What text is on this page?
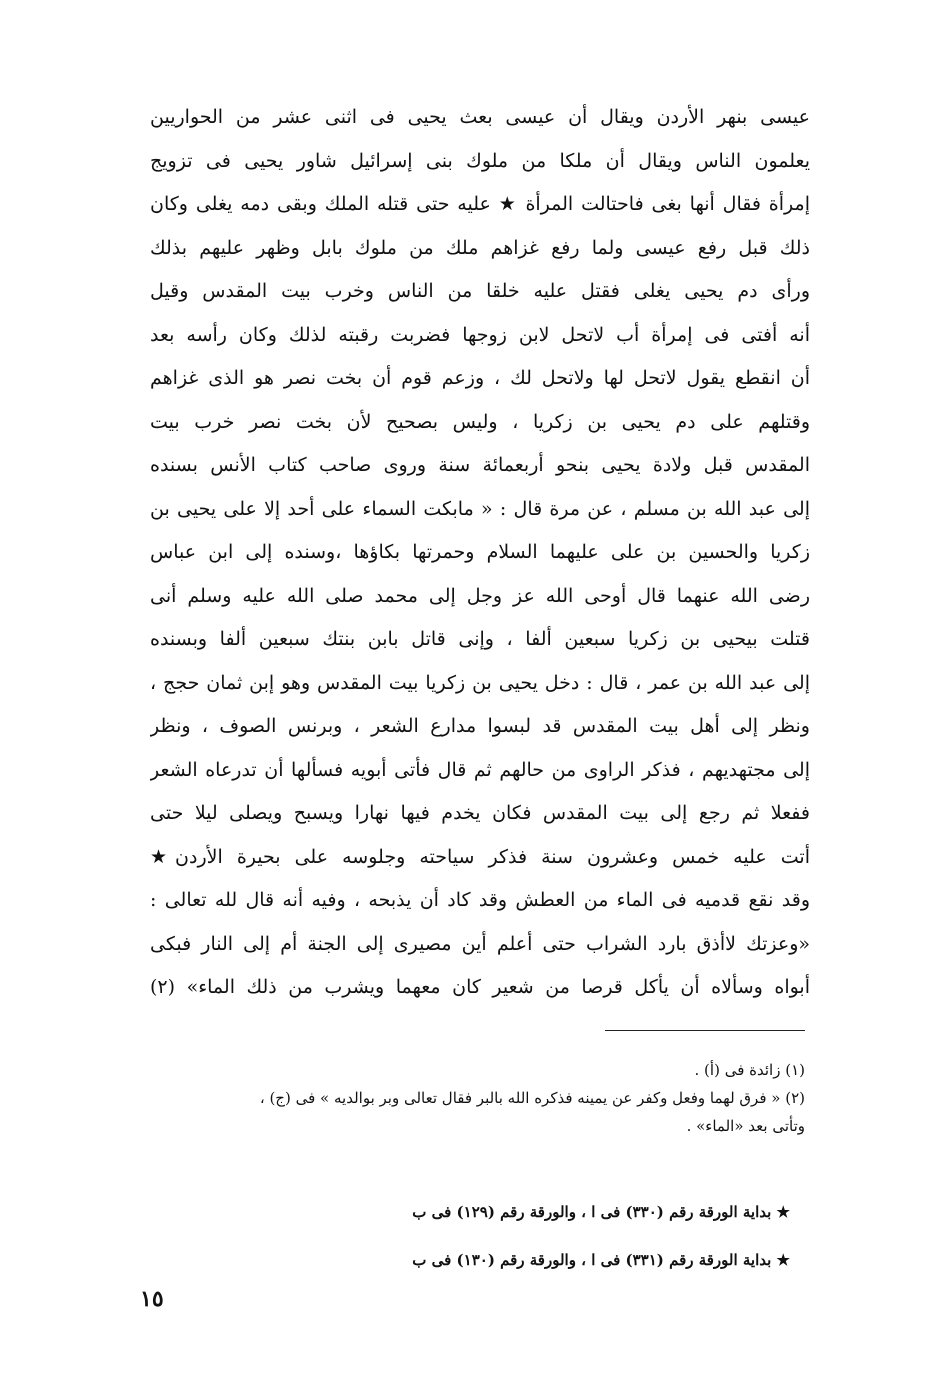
عيسى بنهر الأردن ويقال أن عيسى بعث يحيى فى اثنى عشر من الحواريين
يعلمون الناس ويقال أن ملكا من ملوك بنى إسرائيل شاور يحيى فى تزويج
إمرأة فقال أنها بغى فاحتالت المرأة ★ عليه حتى قتله الملك وبقى دمه يغلى وكان
ذلك قبل رفع عيسى ولما رفع غزاهم ملك من ملوك بابل وظهر عليهم بذلك
ورأى دم يحيى يغلى فقتل عليه خلقا من الناس وخرب بيت المقدس وقيل
أنه أفتى فى إمرأة أب لاتحل لابن زوجها فضربت رقبته لذلك وكان رأسه بعد
أن انقطع يقول لاتحل لها ولاتحل لك ، وزعم قوم أن بخت نصر هو الذى غزاهم
وقتلهم على دم يحيى بن زكريا ، وليس بصحيح لأن بخت نصر خرب بيت
المقدس قبل ولادة يحيى بنحو أربعمائة سنة وروى صاحب كتاب الأنس بسنده
إلى عبد الله بن مسلم ، عن مرة قال : « مابكت السماء على أحد إلا على يحيى بن
زكريا والحسين بن على عليهما السلام وحمرتها بكاؤها ،وسنده إلى ابن عباس
رضى الله عنهما قال أوحى الله عز وجل إلى محمد صلى الله عليه وسلم أنى
قتلت بيحيى بن زكريا سبعين ألفا ، وإنى قاتل بابن بنتك سبعين ألفا وبسنده
إلى عبد الله بن عمر ، قال : دخل يحيى بن زكريا بيت المقدس وهو إبن ثمان حجج ،
ونظر إلى أهل بيت المقدس قد لبسوا مدارع الشعر ، وبرنس الصوف ، ونظر
إلى مجتهديهم ، فذكر الراوى من حالهم ثم قال فأتى أبويه فسألها أن تدرعاه الشعر
ففعلا ثم رجع إلى بيت المقدس فكان يخدم فيها نهارا ويسبح ويصلى ليلا حتى
أتت عليه خمس وعشرون سنة فذكر سياحته وجلوسه على بحيرة الأردن★
وقد نقع قدميه فى الماء من العطش وقد كاد أن يذبحه ، وفيه أنه قال لله تعالى :
«وعزتك لاأذق بارد الشراب حتى أعلم أين مصيرى إلى الجنة أم إلى النار فبكى
أبواه وسألاه أن يأكل قرصا من شعير كان معهما ويشرب من ذلك الماء» (٢)
(١) زائدة فى (أ) .
(٢) « فرق لهما وفعل وكفر عن يمينه فذكره الله بالبر فقال تعالى وبر بوالديه » فى (ج) ،
وتأتى بعد «الماء» .
★ بداية الورقة رقم (٣٣٠) فى ا ، والورقة رقم (١٢٩) فى ب
★ بداية الورقة رقم (٣٣١) فى ا ، والورقة رقم (١٣٠) فى ب
١٥
